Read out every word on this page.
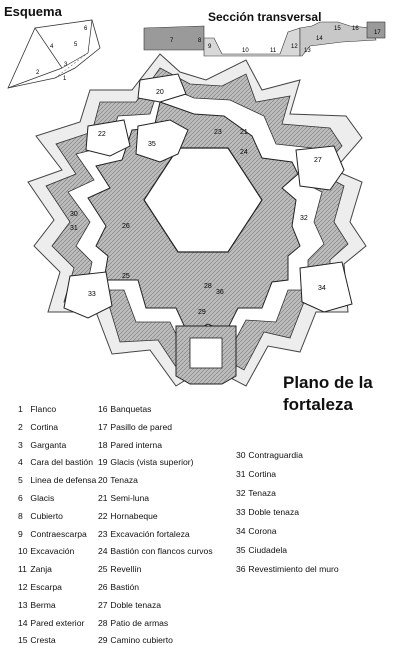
Esquema	Sección transversal
Plano de la
fortaleza
1
2
3
4	5
6
7	8
9
10	11
12
13
14
15 16
17
20
22
35
21
23
24
27
30
31	26
25
32
33
34
28
36
29
1 Flanco
2 Cortina
3 Garganta
4 Cara del bastión
5 Linea de defensa
6 Glacis
8 Cubierto
9 Contraescarpa
10 Excavación
11 Zanja
12 Escarpa
13 Berma
14 Pared exterior
15 Cresta
16 Banquetas
17 Pasillo de pared
18 Pared interna
19 Glacis (vista superior)
20 Tenaza
21 Semi-luna
22 Hornabeque
23 Excavación fortaleza
24 Bastión con flancos curvos
25 Revellín
26 Bastión
27 Doble tenaza
28 Patio de armas
29 Camino cubierto
30 Contraguardia
31 Cortina
32 Tenaza
33 Doble tenaza
34 Corona
35 Ciudadela
36 Revestimiento del muro
